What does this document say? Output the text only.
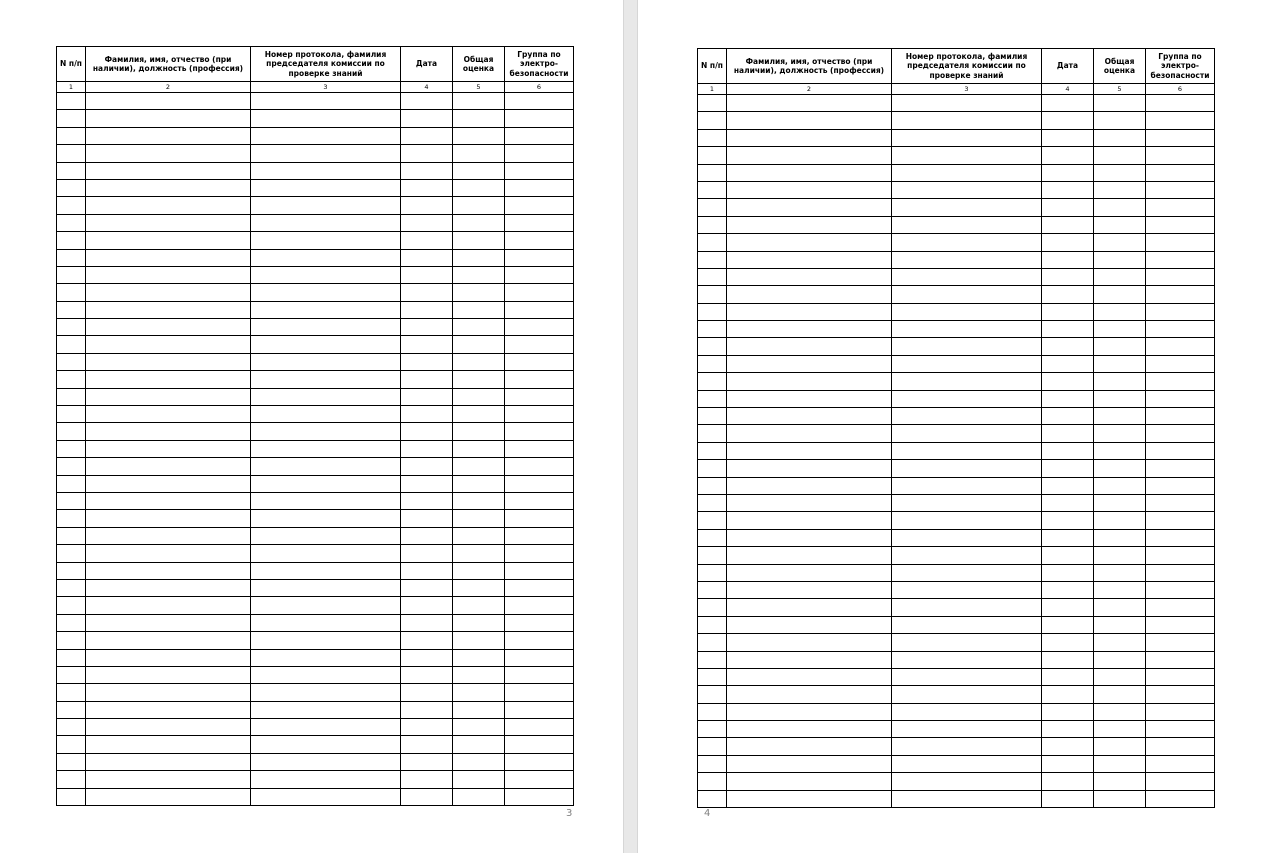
N п/п	Фамилия, имя, отчество (при наличии), должность (профессия)	Номер протокола, фамилия председателя комиссии по проверке знаний	Дата	Общая оценка	Группа по электро- безопасности
1	2	3	4	5	6

3
N п/п	Фамилия, имя, отчество (при наличии), должность (профессия)	Номер протокола, фамилия председателя комиссии по проверке знаний	Дата	Общая оценка	Группа по электро- безопасности
1	2	3	4	5	6

4
